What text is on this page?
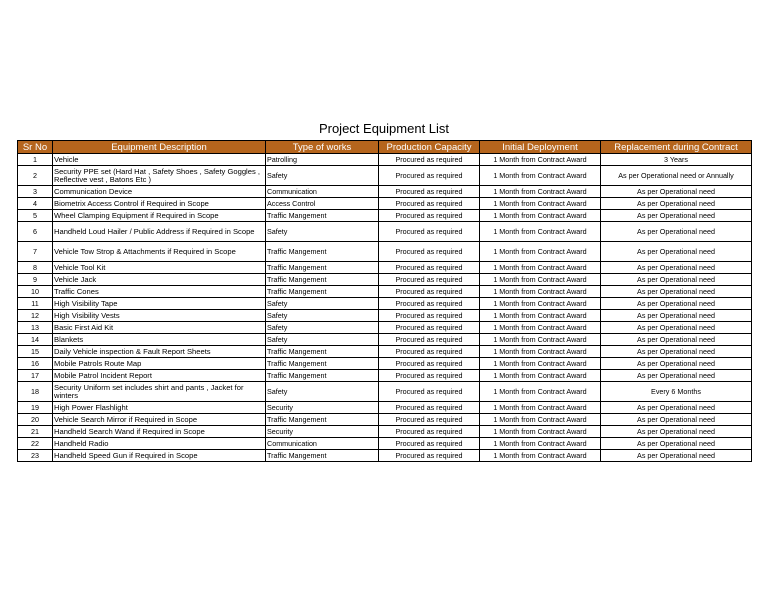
Project Equipment List
Sr No	Equipment Description	Type of works	Production Capacity	Initial Deployment	Replacement during Contract
1	Vehicle	Patrolling	Procured as required	1 Month from Contract Award	3 Years
2	Security PPE set (Hard Hat , Safety Shoes , Safety Goggles , Reflective vest , Batons Etc )	Safety	Procured as required	1 Month from Contract Award	As per Operational need or Annually
3	Communication Device	Communication	Procured as required	1 Month from Contract Award	As per Operational need
4	Biometrix Access Control if Required in Scope	Access Control	Procured as required	1 Month from Contract Award	As per Operational need
5	Wheel Clamping Equipment if Required in Scope	Traffic Mangement	Procured as required	1 Month from Contract Award	As per Operational need
6	Handheld Loud Hailer / Public Address if Required in Scope	Safety	Procured as required	1 Month from Contract Award	As per Operational need
7	Vehicle Tow Strop & Attachments if Required in Scope	Traffic Mangement	Procured as required	1 Month from Contract Award	As per Operational need
8	Vehicle Tool Kit	Traffic Mangement	Procured as required	1 Month from Contract Award	As per Operational need
9	Vehicle Jack	Traffic Mangement	Procured as required	1 Month from Contract Award	As per Operational need
10	Traffic Cones	Traffic Mangement	Procured as required	1 Month from Contract Award	As per Operational need
11	High Visibility Tape	Safety	Procured as required	1 Month from Contract Award	As per Operational need
12	High Visibility Vests	Safety	Procured as required	1 Month from Contract Award	As per Operational need
13	Basic First Aid Kit	Safety	Procured as required	1 Month from Contract Award	As per Operational need
14	Blankets	Safety	Procured as required	1 Month from Contract Award	As per Operational need
15	Daily Vehicle inspection & Fault Report Sheets	Traffic Mangement	Procured as required	1 Month from Contract Award	As per Operational need
16	Mobile Patrols Route Map	Traffic Mangement	Procured as required	1 Month from Contract Award	As per Operational need
17	Mobile Patrol Incident Report	Traffic Mangement	Procured as required	1 Month from Contract Award	As per Operational need
18	Security Uniform set includes shirt and pants , Jacket for winters	Safety	Procured as required	1 Month from Contract Award	Every 6 Months
19	High Power Flashlight	Security	Procured as required	1 Month from Contract Award	As per Operational need
20	Vehicle Search Mirror if Required in Scope	Traffic Mangement	Procured as required	1 Month from Contract Award	As per Operational need
21	Handheld Search Wand if Required in Scope	Security	Procured as required	1 Month from Contract Award	As per Operational need
22	Handheld Radio	Communication	Procured as required	1 Month from Contract Award	As per Operational need
23	Handheld Speed Gun if Required in Scope	Traffic Mangement	Procured as required	1 Month from Contract Award	As per Operational need
